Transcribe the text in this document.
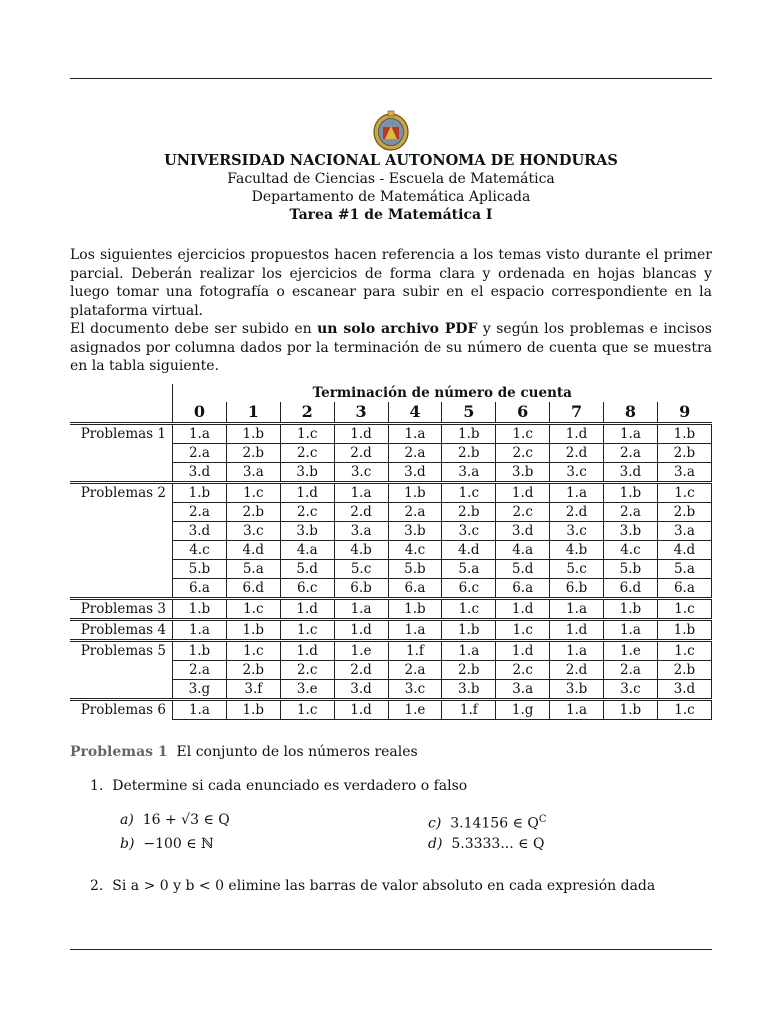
UNIVERSIDAD NACIONAL AUTONOMA DE HONDURAS
Facultad de Ciencias - Escuela de Matemática
Departamento de Matemática Aplicada
Tarea #1 de Matemática I

Los siguientes ejercicios propuestos hacen referencia a los temas visto durante el primer parcial. Deberán realizar los ejercicios de forma clara y ordenada en hojas blancas y luego tomar una fotografía o escanear para subir en el espacio correspondiente en la plataforma virtual.

El documento debe ser subido en un solo archivo PDF y según los problemas e incisos asignados por columna dados por la terminación de su número de cuenta que se muestra en la tabla siguiente.

	Terminación de número de cuenta									
	0	1	2	3	4	5	6	7	8	9
Problemas 1	1.a	1.b	1.c	1.d	1.a	1.b	1.c	1.d	1.a	1.b
	2.a	2.b	2.c	2.d	2.a	2.b	2.c	2.d	2.a	2.b
	3.d	3.a	3.b	3.c	3.d	3.a	3.b	3.c	3.d	3.a
Problemas 2	1.b	1.c	1.d	1.a	1.b	1.c	1.d	1.a	1.b	1.c
	2.a	2.b	2.c	2.d	2.a	2.b	2.c	2.d	2.a	2.b
	3.d	3.c	3.b	3.a	3.b	3.c	3.d	3.c	3.b	3.a
	4.c	4.d	4.a	4.b	4.c	4.d	4.a	4.b	4.c	4.d
	5.b	5.a	5.d	5.c	5.b	5.a	5.d	5.c	5.b	5.a
	6.a	6.d	6.c	6.b	6.a	6.c	6.a	6.b	6.d	6.a
Problemas 3	1.b	1.c	1.d	1.a	1.b	1.c	1.d	1.a	1.b	1.c
Problemas 4	1.a	1.b	1.c	1.d	1.a	1.b	1.c	1.d	1.a	1.b
Problemas 5	1.b	1.c	1.d	1.e	1.f	1.a	1.d	1.a	1.e	1.c
	2.a	2.b	2.c	2.d	2.a	2.b	2.c	2.d	2.a	2.b
	3.g	3.f	3.e	3.d	3.c	3.b	3.a	3.b	3.c	3.d
Problemas 6	1.a	1.b	1.c	1.d	1.e	1.f	1.g	1.a	1.b	1.c
Problemas 1 El conjunto de los números reales
1. Determine si cada enunciado es verdadero o falso
a) 16 + √3 ∈ Q
b) −100 ∈ ℕ
c) 3.14156 ∈ $Q^C$
d) 5.3333... ∈ Q
2. Si a > 0 y b < 0 elimine las barras de valor absoluto en cada expresión dada
